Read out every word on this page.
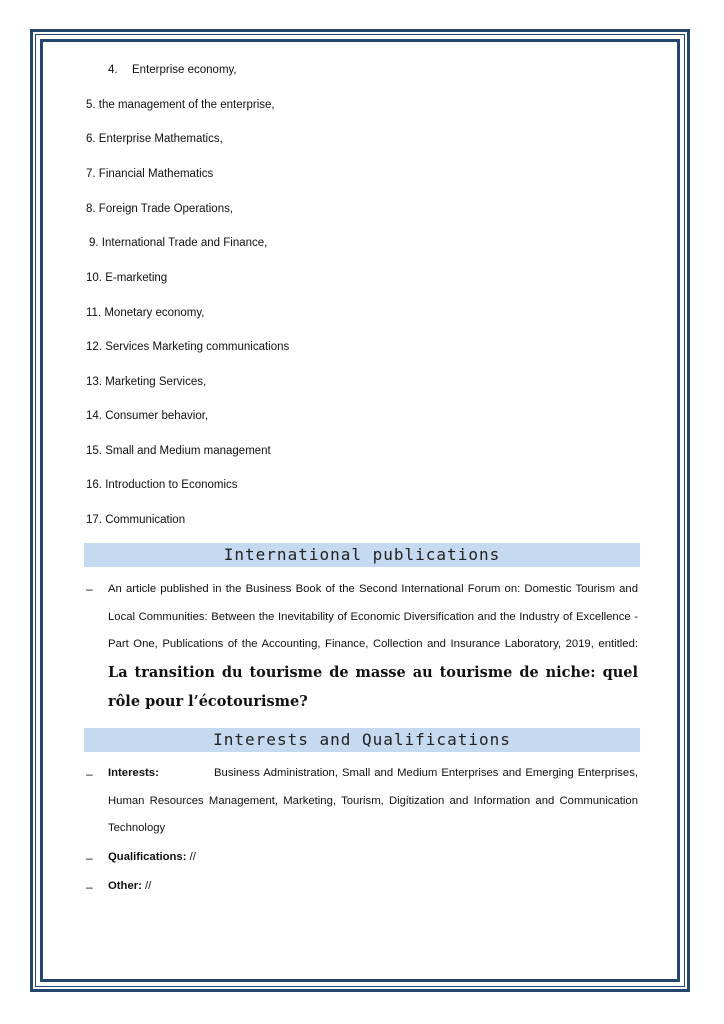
4. Enterprise economy,
5. the management of the enterprise,
6. Enterprise Mathematics,
7. Financial Mathematics
8. Foreign Trade Operations,
9. International Trade and Finance,
10. E-marketing
11. Monetary economy,
12. Services Marketing communications
13. Marketing Services,
14. Consumer behavior,
15. Small and Medium management
16. Introduction to Economics
17. Communication
International publications
– An article published in the Business Book of the Second International Forum on: Domestic Tourism and Local Communities: Between the Inevitability of Economic Diversification and the Industry of Excellence - Part One, Publications of the Accounting, Finance, Collection and Insurance Laboratory, 2019, entitled: La transition du tourisme de masse au tourisme de niche: quel rôle pour l’écotourisme?
Interests and Qualifications
– Interests:	Business Administration, Small and Medium Enterprises and Emerging Enterprises, Human Resources Management, Marketing, Tourism, Digitization and Information and Communication Technology
– Qualifications: //
– Other: //
